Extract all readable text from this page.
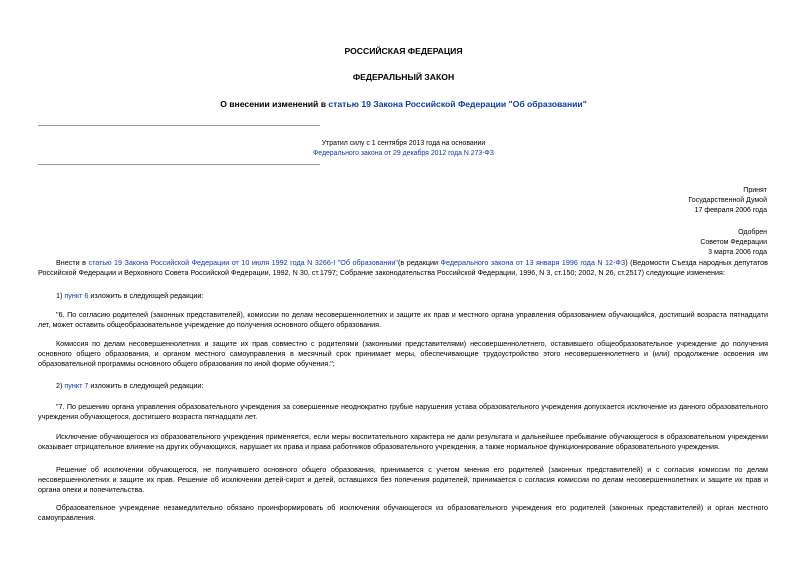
РОССИЙСКАЯ ФЕДЕРАЦИЯ
ФЕДЕРАЛЬНЫЙ ЗАКОН
О внесении изменений в статью 19 Закона Российской Федерации "Об образовании"
Утратил силу с 1 сентября 2013 года на основании
Федерального закона от 29 декабря 2012 года N 273-ФЗ
Принят
Государственной Думой
17 февраля 2006 года
Одобрен
Советом Федерации
3 марта 2006 года
Внести в статью 19 Закона Российской Федерации от 10 июля 1992 года N 3266-I "Об образовании"(в редакции Федерального закона от 13 января 1996 года N 12-ФЗ) (Ведомости Съезда народных депутатов Российской Федерации и Верховного Совета Российской Федерации, 1992, N 30, ст.1797; Собрание законодательства Российской Федерации, 1996, N 3, ст.150; 2002, N 26, ст.2517) следующие изменения:
1) пункт 6 изложить в следующей редакции:
"6. По согласию родителей (законных представителей), комиссии по делам несовершеннолетних и защите их прав и местного органа управления образованием обучающийся, достигший возраста пятнадцати лет, может оставить общеобразовательное учреждение до получения основного общего образования.
Комиссия по делам несовершеннолетних и защите их прав совместно с родителями (законными представителями) несовершеннолетнего, оставившего общеобразовательное учреждение до получения основного общего образования, и органом местного самоуправления в месячный срок принимает меры, обеспечивающие трудоустройство этого несовершеннолетнего и (или) продолжение освоения им образовательной программы основного общего образования по иной форме обучения.";
2) пункт 7 изложить в следующей редакции:
"7. По решению органа управления образовательного учреждения за совершенные неоднократно грубые нарушения устава образовательного учреждения допускается исключение из данного образовательного учреждения обучающегося, достигшего возраста пятнадцати лет.
Исключение обучающегося из образовательного учреждения применяется, если меры воспитательного характера не дали результата и дальнейшее пребывание обучающегося в образовательном учреждении оказывает отрицательное влияние на других обучающихся, нарушает их права и права работников образовательного учреждения, а также нормальное функционирование образовательного учреждения.
Решение об исключении обучающегося, не получившего основного общего образования, принимается с учетом мнения его родителей (законных представителей) и с согласия комиссии по делам несовершеннолетних и защите их прав. Решение об исключении детей-сирот и детей, оставшихся без попечения родителей, принимается с согласия комиссии по делам несовершеннолетних и защите их прав и органа опеки и попечительства.
Образовательное учреждение незамедлительно обязано проинформировать об исключении обучающегося из образовательного учреждения его родителей (законных представителей) и орган местного самоуправления.
